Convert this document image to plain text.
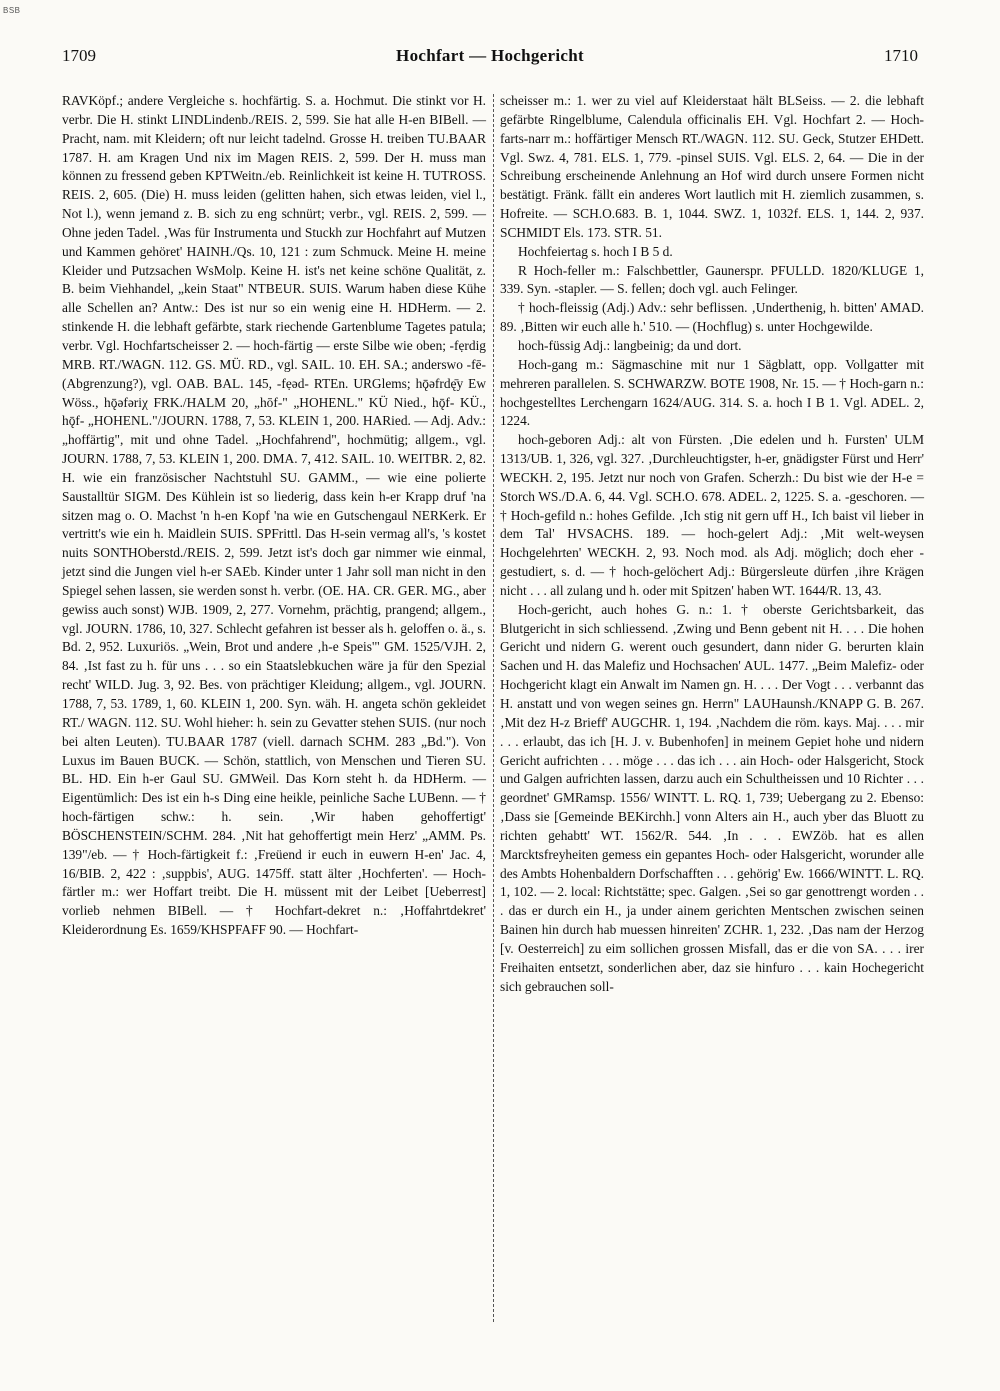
BSB
1709	Hochfart — Hochgericht	1710

RAVKöpf.; andere Vergleiche s. hochfärtig. S. a. Hochmut. Die stinkt vor H. verbr. Die H. stinkt LINDLindenb./REIS. 2, 599. Sie hat alle H-en BIBell. — Pracht, nam. mit Kleidern; oft nur leicht tadelnd. Grosse H. treiben TU.BAAR 1787. H. am Kragen Und nix im Magen REIS. 2, 599. Der H. muss man können zu fressend geben KPTWeitn./eb. Reinlichkeit ist keine H. TUTROSS. REIS. 2, 605. (Die) H. muss leiden (gelitten hahen, sich etwas leiden, viel l., Not l.), wenn jemand z. B. sich zu eng schnürt; verbr., vgl. REIS. 2, 599. — Ohne jeden Tadel. ‚Was für Instrumenta und Stuckh zur Hochfahrt auf Mutzen und Kammen gehöret' HAINH./Qs. 10, 121 : zum Schmuck. Meine H. meine Kleider und Putzsachen WsMolp. Keine H. ist's net keine schöne Qualität, z. B. beim Viehhandel, „kein Staat" NTBEUR. SUIS. Warum haben diese Kühe alle Schellen an? Antw.: Des ist nur so ein wenig eine H. HDHerm. — 2. stinkende H. die lebhaft gefärbte, stark riechende Gartenblume Tagetes patula; verbr. Vgl. Hochfartscheisser 2. — hoch-färtig — erste Silbe wie oben; -fẹrdig MRB. RT./WAGN. 112. GS. MÜ. RD., vgl. SAIL. 10. EH. SA.; anderswo -fē- (Abgrenzung?), vgl. OAB. BAL. 145, -fẹəd- RTEn. URGlems; hǭəfrdę̄y Ew Wöss., hǭəfəriχ FRK./HALM 20, „hōf-" „HOHENL." KÜ Nied., hǭf- KÜ., hǭf- „HOHENL."/JOURN. 1788, 7, 53. KLEIN 1, 200. HARied. — Adj. Adv.: „hoffärtig", mit und ohne Tadel. „Hochfahrend", hochmütig; allgem., vgl. JOURN. 1788, 7, 53. KLEIN 1, 200. DMA. 7, 412. SAIL. 10. WEITBR. 2, 82. H. wie ein französischer Nachtstuhl SU. GAMM., — wie eine polierte Saustalltür SIGM. Des Kühlein ist so liederig, dass kein h-er Krapp druf 'na sitzen mag o. O. Machst 'n h-en Kopf 'na wie en Gutschengaul NERKerk. Er vertritt's wie ein h. Maidlein SUIS. SPFrittl. Das H-sein vermag all's, 's kostet nuits SONTHOberstd./REIS. 2, 599. Jetzt ist's doch gar nimmer wie einmal, jetzt sind die Jungen viel h-er SAEb. Kinder unter 1 Jahr soll man nicht in den Spiegel sehen lassen, sie werden sonst h. verbr. (OE. HA. CR. GER. MG., aber gewiss auch sonst) WJB. 1909, 2, 277. Vornehm, prächtig, prangend; allgem., vgl. JOURN. 1786, 10, 327. Schlecht gefahren ist besser als h. geloffen o. ä., s. Bd. 2, 952. Luxuriös. „Wein, Brot und andere ‚h-e Speis'" GM. 1525/VJH. 2, 84. ‚Ist fast zu h. für uns . . . so ein Staatslebkuchen wäre ja für den Spezial recht' WILD. Jug. 3, 92. Bes. von prächtiger Kleidung; allgem., vgl. JOURN. 1788, 7, 53. 1789, 1, 60. KLEIN 1, 200. Syn. wäh. H. angeta schön gekleidet RT./ WAGN. 112. SU. Wohl hieher: h. sein zu Gevatter stehen SUIS. (nur noch bei alten Leuten). TU.BAAR 1787 (viell. darnach SCHM. 283 „Bd."). Von Luxus im Bauen BUCK. — Schön, stattlich, von Menschen und Tieren SU. BL. HD. Ein h-er Gaul SU. GMWeil. Das Korn steht h. da HDHerm. — Eigentümlich: Des ist ein h-s Ding eine heikle, peinliche Sache LUBenn. — † hoch-färtigen schw.: h. sein. ‚Wir haben gehoffertigt' BÖSCHENSTEIN/SCHM. 284. ‚Nit hat gehoffertigt mein Herz' „AMM. Ps. 139"/eb. — † Hoch-färtigkeit f.: ‚Freüend ir euch in euwern H-en' Jac. 4, 16/BIB. 2, 422 : ‚suppbis', AUG. 1475ff. statt älter ‚Hochferten'. — Hoch-färtler m.: wer Hoffart treibt. Die H. müssent mit der Leibet [Ueberrest] vorlieb nehmen BIBell. — † Hochfart-dekret n.: ‚Hoffahrtdekret' Kleiderordnung Es. 1659/KHSPFAFF 90. — Hochfart-

scheisser m.: 1. wer zu viel auf Kleiderstaat hält BLSeiss. — 2. die lebhaft gefärbte Ringelblume, Calendula officinalis EH. Vgl. Hochfart 2. — Hoch-farts-narr m.: hoffärtiger Mensch RT./WAGN. 112. SU. Geck, Stutzer EHDett. Vgl. Swz. 4, 781. ELS. 1, 779. -pinsel SUIS. Vgl. ELS. 2, 64. — Die in der Schreibung erscheinende Anlehnung an Hof wird durch unsere Formen nicht bestätigt. Fränk. fällt ein anderes Wort lautlich mit H. ziemlich zusammen, s. Hofreite. — SCH.O.683. B. 1, 1044. SWZ. 1, 1032f. ELS. 1, 144. 2, 937. SCHMIDT Els. 173. STR. 51.

Hochfeiertag s. hoch I B 5 d.

R Hoch-feller m.: Falschbettler, Gaunerspr. PFULLD. 1820/KLUGE 1, 339. Syn. -stapler. — S. fellen; doch vgl. auch Felinger.

† hoch-fleissig (Adj.) Adv.: sehr beflissen. ‚Underthenig, h. bitten' AMAD. 89. ‚Bitten wir euch alle h.' 510. — (Hochflug) s. unter Hochgewilde.

hoch-füssig Adj.: langbeinig; da und dort.

Hoch-gang m.: Sägmaschine mit nur 1 Sägblatt, opp. Vollgatter mit mehreren parallelen. S. SCHWARZW. BOTE 1908, Nr. 15. — † Hoch-garn n.: hochgestelltes Lerchengarn 1624/AUG. 314. S. a. hoch I B 1. Vgl. ADEL. 2, 1224.

hoch-geboren Adj.: alt von Fürsten. ‚Die edelen und h. Fursten' ULM 1313/UB. 1, 326, vgl. 327. ‚Durchleuchtigster, h-er, gnädigster Fürst und Herr' WECKH. 2, 195. Jetzt nur noch von Grafen. Scherzh.: Du bist wie der H-e = Storch WS./D.A. 6, 44. Vgl. SCH.O. 678. ADEL. 2, 1225. S. a. -geschoren. — † Hoch-gefild n.: hohes Gefilde. ‚Ich stig nit gern uff H., Ich baist vil lieber in dem Tal' HVSACHS. 189. — hoch-gelert Adj.: ‚Mit welt-weysen Hochgelehrten' WECKH. 2, 93. Noch mod. als Adj. möglich; doch eher -gestudiert, s. d. — † hoch-gelöchert Adj.: Bürgersleute dürfen ‚ihre Krägen nicht . . . all zulang und h. oder mit Spitzen' haben WT. 1644/R. 13, 43.

Hoch-gericht, auch hohes G. n.: 1. † oberste Gerichtsbarkeit, das Blutgericht in sich schliessend. ‚Zwing und Benn gebent nit H. . . . Die hohen Gericht und nidern G. werent ouch gesundert, dann nider G. berurten klain Sachen und H. das Malefiz und Hochsachen' AUL. 1477. „Beim Malefiz- oder Hochgericht klagt ein Anwalt im Namen gn. H. . . . Der Vogt . . . verbannt das H. anstatt und von wegen seines gn. Herrn" LAUHaunsh./KNAPP G. B. 267. ‚Mit dez H-z Brieff' AUGCHR. 1, 194. ‚Nachdem die röm. kays. Maj. . . . mir . . . erlaubt, das ich [H. J. v. Bubenhofen] in meinem Gepiet hohe und nidern Gericht aufrichten . . . möge . . . das ich . . . ain Hoch- oder Halsgericht, Stock und Galgen aufrichten lassen, darzu auch ein Schultheissen und 10 Richter . . . geordnet' GMRamsp. 1556/ WINTT. L. RQ. 1, 739; Uebergang zu 2. Ebenso: ‚Dass sie [Gemeinde BEKirchh.] vonn Alters ain H., auch yber das Bluott zu richten gehabtt' WT. 1562/R. 544. ‚In . . . EWZöb. hat es allen Marcktsfreyheiten gemess ein gepantes Hoch- oder Halsgericht, worunder alle des Ambts Hohenbaldern Dorfschafften . . . gehörig' Ew. 1666/WINTT. L. RQ. 1, 102. — 2. local: Richtstätte; spec. Galgen. ‚Sei so gar genottrengt worden . . . das er durch ein H., ja under ainem gerichten Mentschen zwischen seinen Bainen hin durch hab muessen hinreiten' ZCHR. 1, 232. ‚Das nam der Herzog [v. Oesterreich] zu eim sollichen grossen Misfall, das er die von SA. . . . irer Freihaiten entsetzt, sonderlichen aber, daz sie hinfuro . . . kain Hochegericht sich gebrauchen soll-
